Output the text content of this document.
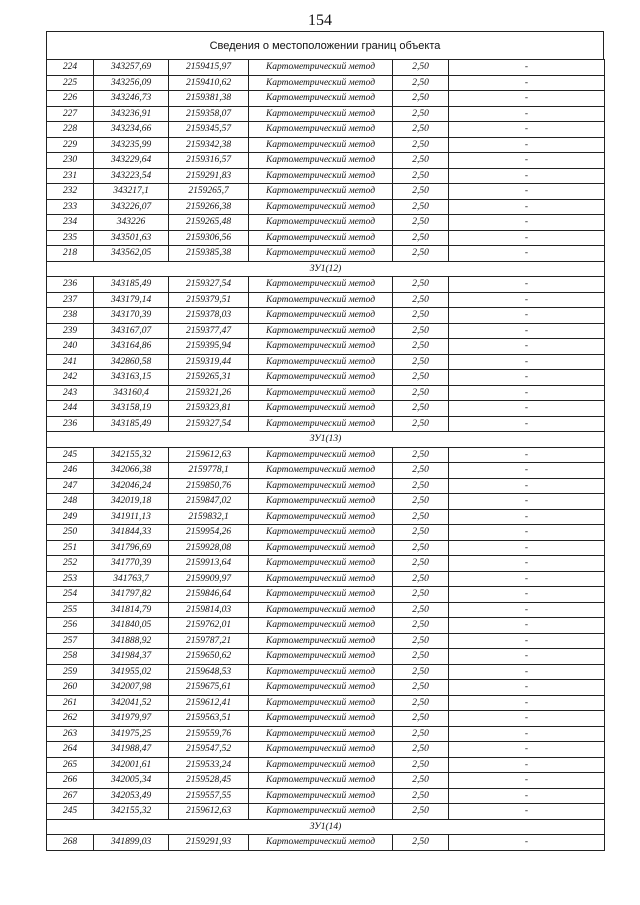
154
Сведения о местоположении границ объекта
224	343257,69	2159415,97	Картометрический метод	2,50	-
225	343256,09	2159410,62	Картометрический метод	2,50	-
226	343246,73	2159381,38	Картометрический метод	2,50	-
227	343236,91	2159358,07	Картометрический метод	2,50	-
228	343234,66	2159345,57	Картометрический метод	2,50	-
229	343235,99	2159342,38	Картометрический метод	2,50	-
230	343229,64	2159316,57	Картометрический метод	2,50	-
231	343223,54	2159291,83	Картометрический метод	2,50	-
232	343217,1	2159265,7	Картометрический метод	2,50	-
233	343226,07	2159266,38	Картометрический метод	2,50	-
234	343226	2159265,48	Картометрический метод	2,50	-
235	343501,63	2159306,56	Картометрический метод	2,50	-
218	343562,05	2159385,38	Картометрический метод	2,50	-
ЗУ1(12)					
236	343185,49	2159327,54	Картометрический метод	2,50	-
237	343179,14	2159379,51	Картометрический метод	2,50	-
238	343170,39	2159378,03	Картометрический метод	2,50	-
239	343167,07	2159377,47	Картометрический метод	2,50	-
240	343164,86	2159395,94	Картометрический метод	2,50	-
241	342860,58	2159319,44	Картометрический метод	2,50	-
242	343163,15	2159265,31	Картометрический метод	2,50	-
243	343160,4	2159321,26	Картометрический метод	2,50	-
244	343158,19	2159323,81	Картометрический метод	2,50	-
236	343185,49	2159327,54	Картометрический метод	2,50	-
ЗУ1(13)					
245	342155,32	2159612,63	Картометрический метод	2,50	-
246	342066,38	2159778,1	Картометрический метод	2,50	-
247	342046,24	2159850,76	Картометрический метод	2,50	-
248	342019,18	2159847,02	Картометрический метод	2,50	-
249	341911,13	2159832,1	Картометрический метод	2,50	-
250	341844,33	2159954,26	Картометрический метод	2,50	-
251	341796,69	2159928,08	Картометрический метод	2,50	-
252	341770,39	2159913,64	Картометрический метод	2,50	-
253	341763,7	2159909,97	Картометрический метод	2,50	-
254	341797,82	2159846,64	Картометрический метод	2,50	-
255	341814,79	2159814,03	Картометрический метод	2,50	-
256	341840,05	2159762,01	Картометрический метод	2,50	-
257	341888,92	2159787,21	Картометрический метод	2,50	-
258	341984,37	2159650,62	Картометрический метод	2,50	-
259	341955,02	2159648,53	Картометрический метод	2,50	-
260	342007,98	2159675,61	Картометрический метод	2,50	-
261	342041,52	2159612,41	Картометрический метод	2,50	-
262	341979,97	2159563,51	Картометрический метод	2,50	-
263	341975,25	2159559,76	Картометрический метод	2,50	-
264	341988,47	2159547,52	Картометрический метод	2,50	-
265	342001,61	2159533,24	Картометрический метод	2,50	-
266	342005,34	2159528,45	Картометрический метод	2,50	-
267	342053,49	2159557,55	Картометрический метод	2,50	-
245	342155,32	2159612,63	Картометрический метод	2,50	-
ЗУ1(14)					
268	341899,03	2159291,93	Картометрический метод	2,50	-
